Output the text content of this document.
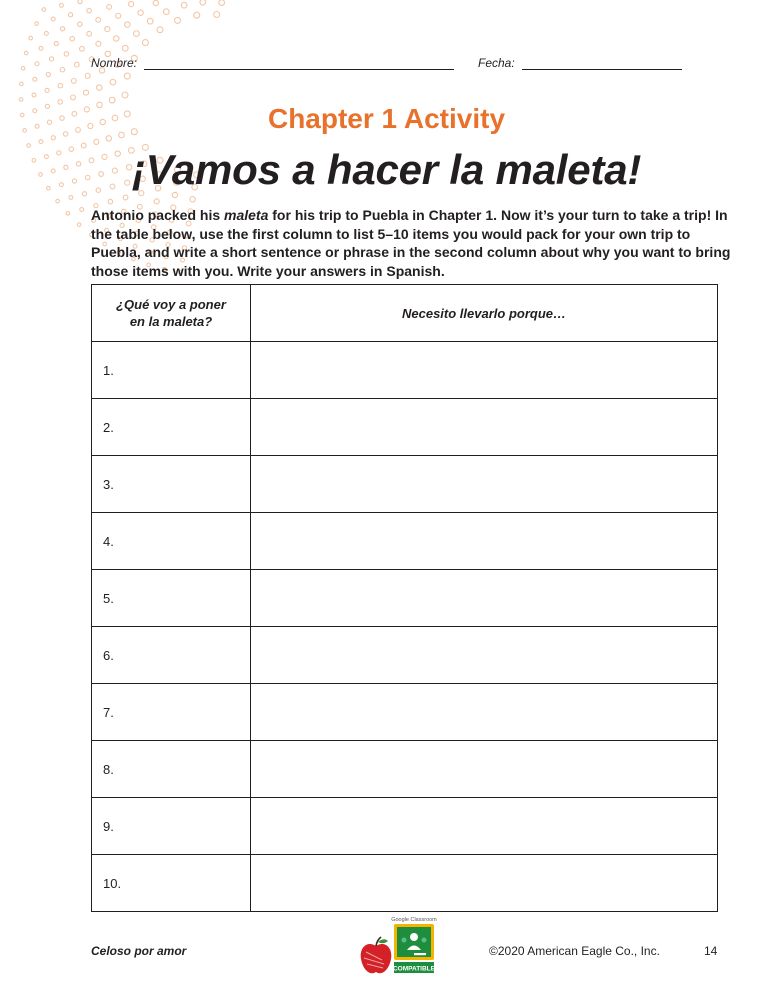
Nombre:	Fecha:
Chapter 1 Activity
¡Vamos a hacer la maleta!
Antonio packed his maleta for his trip to Puebla in Chapter 1. Now it’s your turn to take a trip! In the table below, use the first column to list 5–10 items you would pack for your own trip to Puebla, and write a short sentence or phrase in the second column about why you want to bring those items with you. Write your answers in Spanish.
¿Qué voy a poner
en la maleta?	Necesito llevarlo porque…
1.	
2.	
3.	
4.	
5.	
6.	
7.	
8.	
9.	
10.	
Celoso por amor
Google Classroom
COMPATIBLE
©2020 American Eagle Co., Inc.	14
